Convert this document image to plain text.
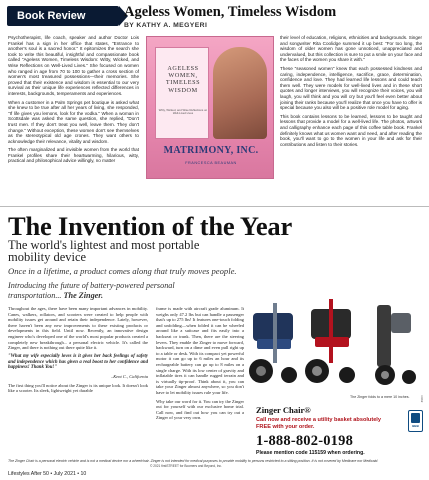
Book Review	Ageless Women, Timeless Wisdom
BY KATHY A. MEGYERI

Psychotherapist, life coach, speaker and author Doctor Lois Frankel has a sign in her office that states, "Entrance to another's soul is a sacred honor." It epitomizes the search she took to write this beautiful, insightful and compassionate book called "Ageless Women, Timeless Wisdom: Witty, Wicked, and Wise Reflections on Well-Lived Lives." She focused on women who ranged in age from 70 to 100 to gather a cross section of women's most treasured possessions—their memories. She proved that their existence and wisdom is essential to our very survival as their unique life experiences reflected differences in interests, backgrounds, temperaments and experiences.

When a customer in a Palm Springs pet boutique is asked what she knew to be true after all her years of living, she responded, "If life gives you lemons, look for the vodka." When a woman in Scottsdale was asked the same question, she replied, "Don't trust men. If they don't treat you well, leave them. They don't change." Without exception, these women don't see themselves as the stereotypical old age crones. They want others to acknowledge their relevance, vitality and wisdom.

The often marginalized and invisible women from the world that Frankel profiles share their heartwarming, hilarious, witty, practical and philosophical advice willingly, no matter

AGELESS WOMEN, TIMELESS WISDOM
Witty, Wicked, and Wise Reflections on Well-Lived Lives
MATRIMONY, INC.
FRANCESCA BEAUMAN

their level of education, religions, ethnicities and backgrounds. Singer and songwriter Rita Coolidge summed it up best: "For too long, the wisdom of older women has gone unnoticed, unappreciated and undervalued, but this collection is sure to put a smile on your face and the faces of the women you share it with."

These "seasoned women" knew that each possessed kindness and caring, independence, intelligence, sacrifice, grace, determination, confidence and love. They had learned life lessons and could teach them well. They were models for well-lived lives and in these short quotes and longer interviews, you will recognize their voices, you will laugh, you will think and you will cry but you'll feel even better about joining their ranks because you'll realize that once you have to offer is special because you also will be a positive role model for aging.

This book contains lessons to be learned, lessons to be taught and lessons that provide a model for a well-lived life. The photos, artwork and calligraphy enhance each page of this coffee table book. Frankel definitely knows what us women want and need, and after reading the book, you'll want to go to the women in your life and ask for their contributions and listen to their stories.

The Invention of the Year
The world's lightest and most portable mobility device
Once in a lifetime, a product comes along that truly moves people.
Introducing the future of battery-powered personal transportation... The Zinger.

Throughout the ages, there have been many important advances in mobility. Canes, walkers, rollators, and scooters were created to help people with mobility issues get around and retain their independence. Lately, however, there haven't been any new improvements to these existing products or developments in this field. Until now. Recently, an innovative design engineer who's developed one of the world's most popular products created a completely new breakthrough... a personal electric vehicle. It's called the Zinger, and there is nothing out there quite like it.

"What my wife especially loves is it gives her back feelings of safety and independence which has given a real boost to her confidence and happiness! Thank You!"

–Kent C., California

The first thing you'll notice about the Zinger is its unique look. It doesn't look like a scooter. Its sleek, lightweight yet durable

frame is made with aircraft grade aluminum. It weighs only 47.2 lbs but can handle a passenger that's up to 275 lbs! It features one-touch folding and unfolding—when folded it can be wheeled around like a suitcase and fits easily into a backseat or trunk. Then, there are the steering levers. They enable the Zinger to move forward, backward, turn on a dime and even pull right up to a table or desk. With its compact yet powerful motor it can go up to 6 miles an hour and its rechargeable battery can go up to 8 miles on a single charge. With its low center of gravity and inflatable tires it can handle rugged terrain and is virtually tip-proof. Think about it, you can take your Zinger almost anywhere, so you don't have to let mobility issues rule your life.

Why take our word for it. You can try the Zinger out for yourself with our exclusive home trial. Call now, and find out how you can try out a Zinger of your very own.

The Zinger folds to a mere 10 inches.
Zinger Chair®
Call now and receive a utility basket absolutely FREE with your order.
1-888-802-0198
Please mention code 115159 when ordering.
BBB
85697
The Zinger Chair is a personal electric vehicle and is not a medical device nor a wheelchair. Zinger is not intended for medical purposes to provide mobility to persons restricted to a sitting position. It is not covered by Medicare nor Medicaid.
© 2021 firstSTREET for Boomers and Beyond, Inc.
Lifestyles After 50 • July 2021 • 10
